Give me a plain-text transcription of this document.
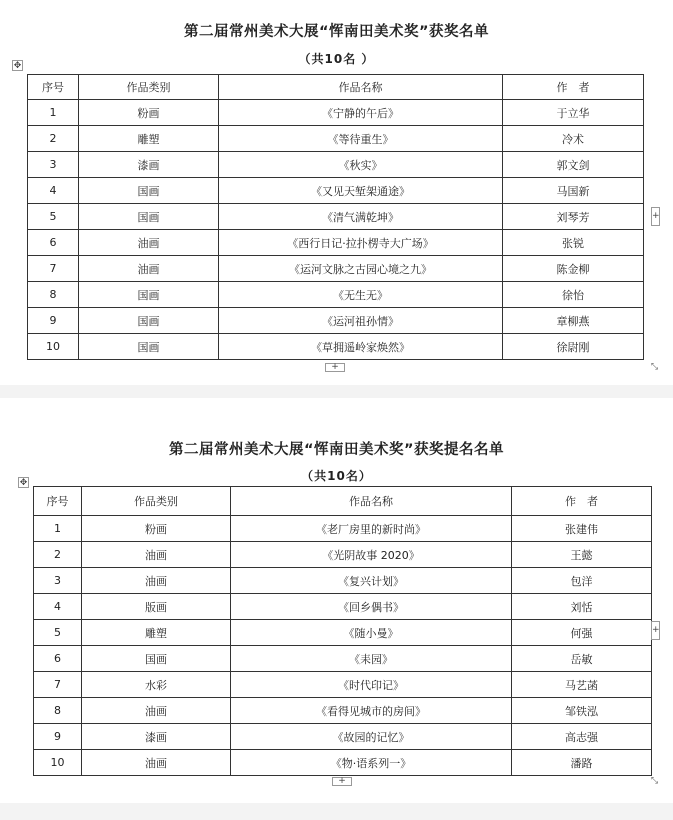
第二届常州美术大展“恽南田美术奖”获奖名单
（共10名 ）
✥
序号	作品类别	作品名称	作　者
1	粉画	《宁静的午后》	于立华
2	雕塑	《等待重生》	冷术
3	漆画	《秋实》	郭文剑
4	国画	《又见天堑架通途》	马国新
5	国画	《清气满乾坤》	刘琴芳
6	油画	《西行日记·拉扑楞寺大广场》	张锐
7	油画	《运河文脉之古园心境之九》	陈金柳
8	国画	《无生无》	徐怡
9	国画	《运河祖孙情》	章柳燕
10	国画	《草拥遥岭家焕然》	徐尉刚
+
+
⤡
第二届常州美术大展“恽南田美术奖”获奖提名名单
（共10名）
✥
序号	作品类别	作品名称	作　者
1	粉画	《老厂房里的新时尚》	张建伟
2	油画	《光阴故事 2020》	王懿
3	油画	《复兴计划》	包洋
4	版画	《回乡偶书》	刘恬
5	雕塑	《随小曼》	何强
6	国画	《耒园》	岳敏
7	水彩	《时代印记》	马艺菡
8	油画	《看得见城市的房间》	邹铁泓
9	漆画	《故园的记忆》	高志强
10	油画	《物·语系列一》	潘路
+
+
⤡
